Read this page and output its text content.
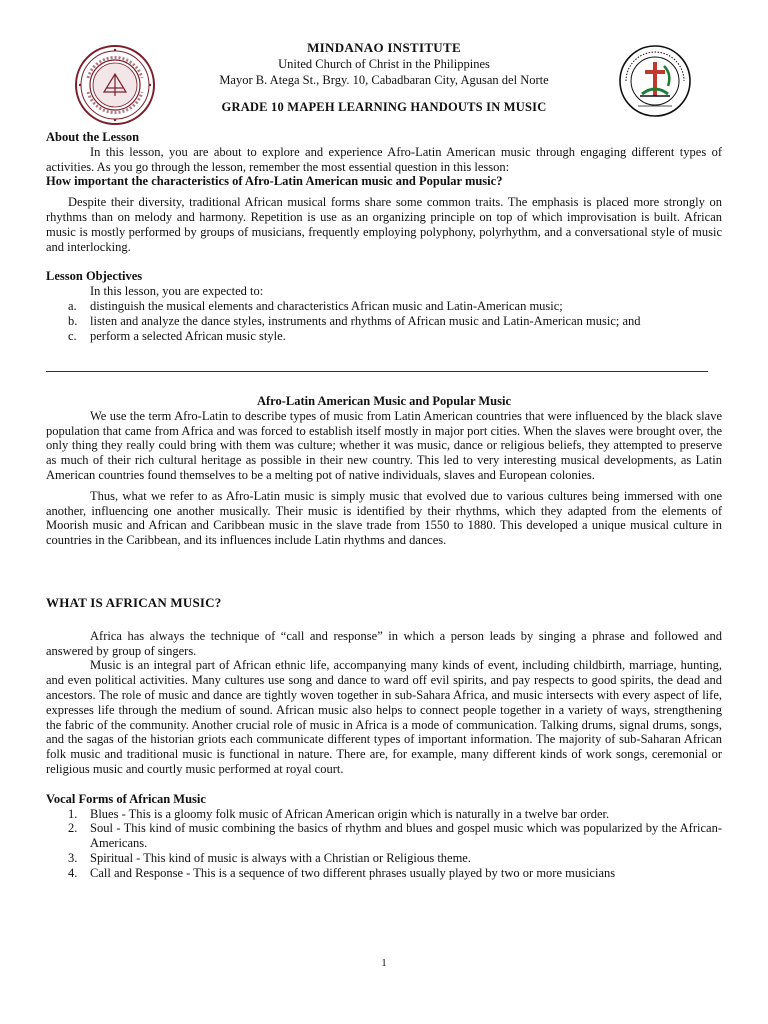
MINDANAO INSTITUTE
United Church of Christ in the Philippines
Mayor B. Atega St., Brgy. 10, Cabadbaran City, Agusan del Norte
GRADE 10 MAPEH LEARNING HANDOUTS IN MUSIC
About the Lesson

In this lesson, you are about to explore and experience Afro-Latin American music through engaging different types of activities. As you go through the lesson, remember the most essential question in this lesson:

How important the characteristics of Afro-Latin American music and Popular music?

Despite their diversity, traditional African musical forms share some common traits. The emphasis is placed more strongly on rhythms than on melody and harmony. Repetition is use as an organizing principle on top of which improvisation is built. African music is mostly performed by groups of musicians, frequently employing polyphony, polyrhythm, and a conversational style of music and interlocking.

Lesson Objectives
In this lesson, you are expected to:
a. distinguish the musical elements and characteristics African music and Latin-American music;
b. listen and analyze the dance styles, instruments and rhythms of African music and Latin-American music; and
c. perform a selected African music style.
Afro-Latin American Music and Popular Music

We use the term Afro-Latin to describe types of music from Latin American countries that were influenced by the black slave population that came from Africa and was forced to establish itself mostly in major port cities. When the slaves were brought over, the only thing they really could bring with them was culture; whether it was music, dance or religious beliefs, they attempted to preserve as much of their rich cultural heritage as possible in their new country. This led to very interesting musical developments, as Latin American countries found themselves to be a melting pot of native individuals, slaves and European colonies.

Thus, what we refer to as Afro-Latin music is simply music that evolved due to various cultures being immersed with one another, influencing one another musically. Their music is identified by their rhythms, which they adapted from the elements of Moorish music and African and Caribbean music in the slave trade from 1550 to 1880. This developed a unique musical culture in countries in the Caribbean, and its influences include Latin rhythms and dances.

WHAT IS AFRICAN MUSIC?

Africa has always the technique of “call and response” in which a person leads by singing a phrase and followed and answered by group of singers.

Music is an integral part of African ethnic life, accompanying many kinds of event, including childbirth, marriage, hunting, and even political activities. Many cultures use song and dance to ward off evil spirits, and pay respects to good spirits, the dead and ancestors. The role of music and dance are tightly woven together in sub-Sahara Africa, and music intersects with every aspect of life, expresses life through the medium of sound. African music also helps to connect people together in a variety of ways, strengthening the fabric of the community. Another crucial role of music in Africa is a mode of communication. Talking drums, signal drums, songs, and the sagas of the historian griots each communicate different types of important information. The majority of sub-Saharan African folk music and traditional music is functional in nature. There are, for example, many different kinds of work songs, ceremonial or religious music and courtly music performed at royal court.

Vocal Forms of African Music
1. Blues - This is a gloomy folk music of African American origin which is naturally in a twelve bar order.
2. Soul - This kind of music combining the basics of rhythm and blues and gospel music which was popularized by the African-Americans.
3. Spiritual - This kind of music is always with a Christian or Religious theme.
4. Call and Response - This is a sequence of two different phrases usually played by two or more musicians
1
